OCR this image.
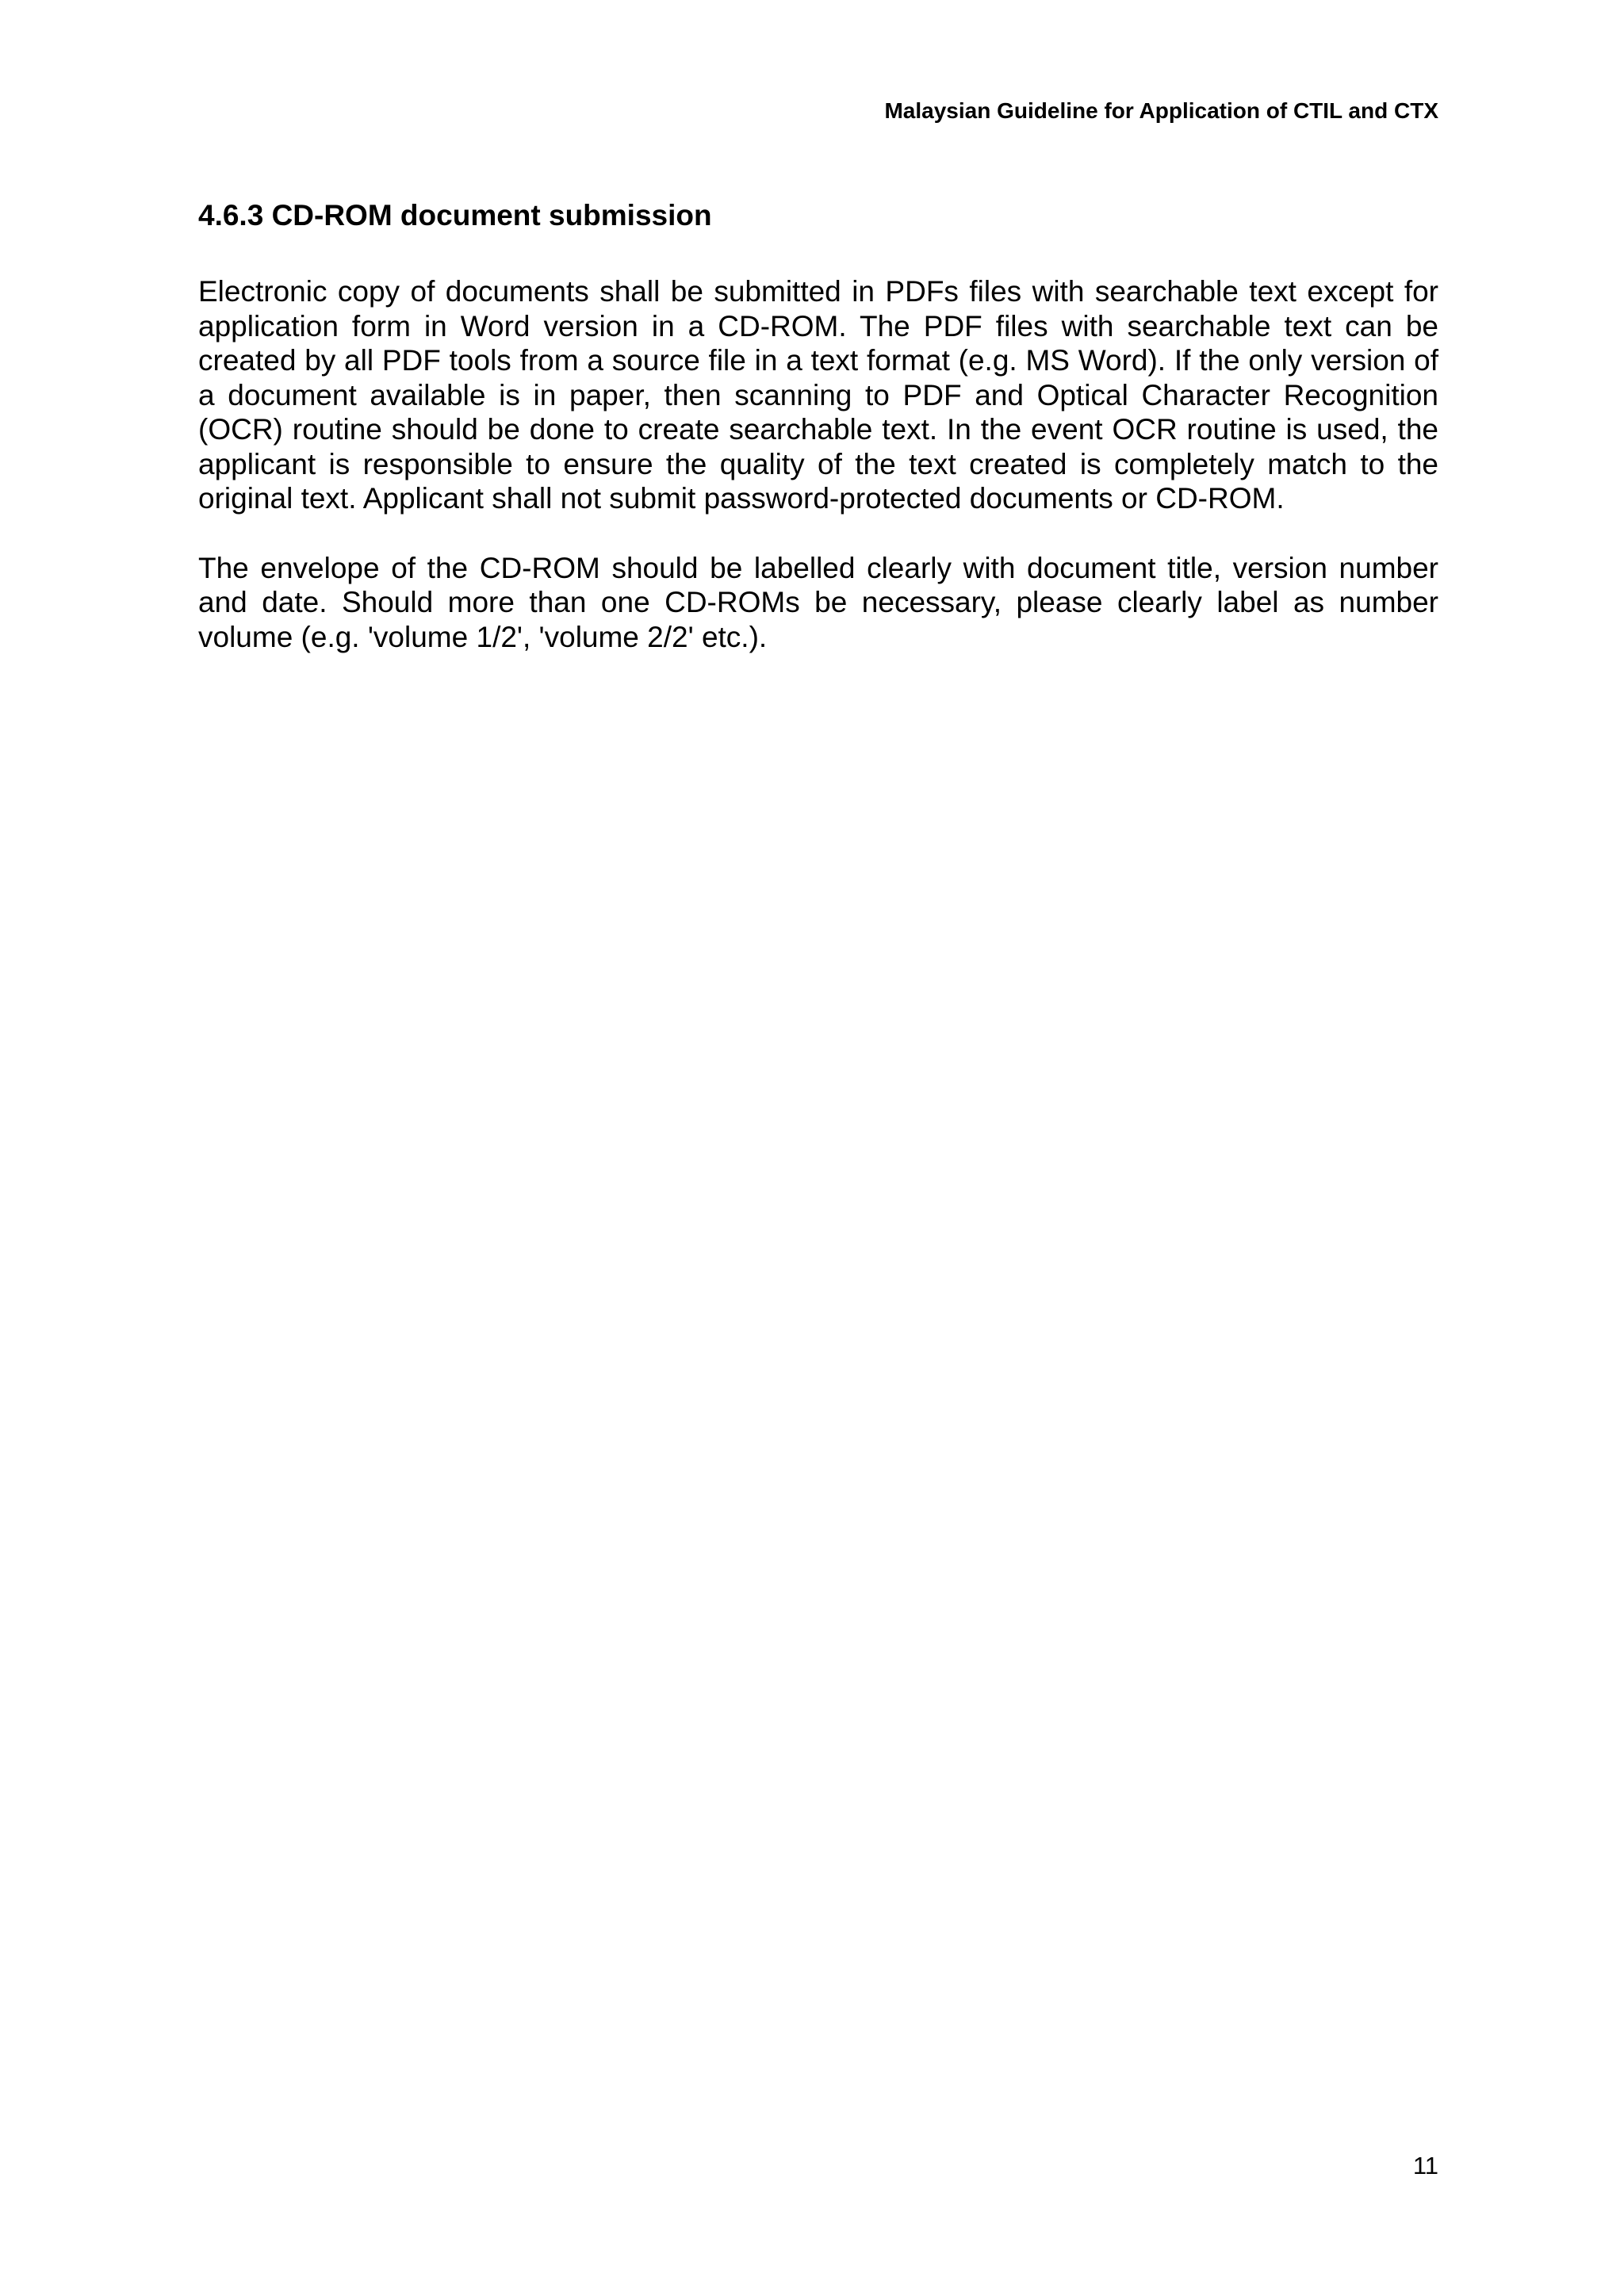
Malaysian Guideline for Application of CTIL and CTX
4.6.3 CD-ROM document submission

Electronic copy of documents shall be submitted in PDFs files with searchable text except for application form in Word version in a CD-ROM. The PDF files with searchable text can be created by all PDF tools from a source file in a text format (e.g. MS Word). If the only version of a document available is in paper, then scanning to PDF and Optical Character Recognition (OCR) routine should be done to create searchable text. In the event OCR routine is used, the applicant is responsible to ensure the quality of the text created is completely match to the original text. Applicant shall not submit password-protected documents or CD-ROM.

The envelope of the CD-ROM should be labelled clearly with document title, version number and date. Should more than one CD-ROMs be necessary, please clearly label as number volume (e.g. 'volume 1/2', 'volume 2/2' etc.).

11
